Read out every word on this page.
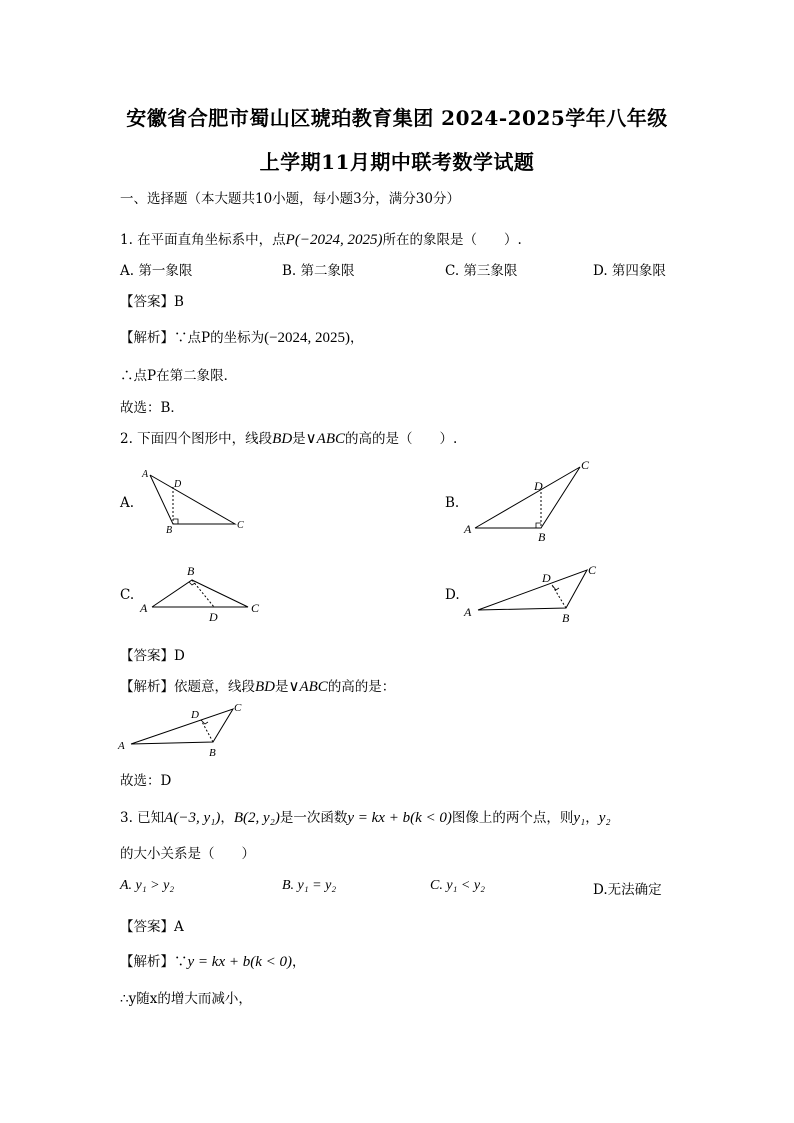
安徽省合肥市蜀山区琥珀教育集团 2024-2025学年八年级
上学期11月期中联考数学试题
一、选择题（本大题共10小题，每小题3分，满分30分）
1. 在平面直角坐标系中，点P(−2024, 2025)所在的象限是（　　）.
A. 第一象限	B. 第二象限	C. 第三象限	D. 第四象限
【答案】B
【解析】∵点P的坐标为(−2024, 2025)，
∴点P在第二象限．
故选：B．
2. 下面四个图形中，线段BD是∨ABC的高的是（　　）.
A.
A
D
B	C
B.
A
C
D
B
C.
A
B
C
D
D.
A
D
C
B
【答案】D
【解析】依题意，线段BD是∨ABC的高的是：
A
D
C
B
故选：D
3. 已知A(−3, y₁)，B(2, y₂)是一次函数y = kx + b(k < 0)图像上的两个点，则y₁，y₂
的大小关系是（　　）
A. y₁ > y₂	B. y₁ = y₂	C. y₁ < y₂	D.无法确定
【答案】A
【解析】∵y = kx + b(k < 0)，
∴y随x的增大而减小，
